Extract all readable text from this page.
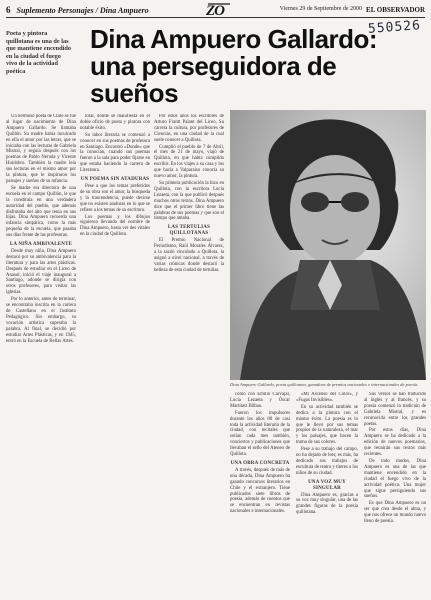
6 Suplemento Personajes / Dina Ampuero	ZO	Viernes 29 de Septiembre de 2000 EL OBSERVADOR
550526
Poeta y pintora quillotana es una de las que mantiene encendido en la ciudad el fuego vivo de la actividad poética
Dina Ampuero Gallardo: una perseguidora de sueños

Un hermoso poeta de Chile se fue al lugar de nacimiento de Dina Ampuero Gallardo. Se llamaba Quillón. Su madre había inculcado en ella el amor por las letras, que se iniciaba con las lecturas de Gabriela Mistral, y seguía después con los poemas de Pablo Neruda y Vicente Huidobro. También la madre leía sus lecturas en el mismo amor por la pintura, que le inspiraron los paisajes y sueños de su infancia.

Se madre era directora de una escuela en el campo Quillón, le que la constituía en una verdadera autoridad del pueblo, que además disfrutaba del alto que tenía en sus hijas. Dina Ampuero recuerda una infancia simpática, como la más pequeña de la escuela, que pasaba sus días frente de las profesoras.

LA NIÑA AMBIVALENTE

Desde muy niña, Dina Ampuero destacó por su ambivalencia para la literatura y para las artes plásticas. Después de estudiar en el Liceo de Anasol, inició el viaje inaugural a Santiago, adonde se dirigía con otros profesores, para visitar las iglesias.

Por lo anterior, antes de terminar, se encontraba inscrita en la carrera de Castellano en el Instituto Pedagógico. Sin embargo, su vocación artística superaba la palabra. Al final, se decidió por estudiar Artes Plásticas, y en 1945, entró en la Escuela de Bellas Artes.

total, donde se manifiesta en el doble oficio de poeta y pintora con notable éxito.

Su labor literaria se comenzó a conocer en sus poemas de profesora en Santiago. Encontró «Donde» que la conocían, cuando sus poemas fueron a la sala para poder fijarse en que estaba haciendo la carrera de Literatura.

UN POEMA SIN ATADURAS

Pese a que los temas preferidos de su obra son el amor, la búsqueda y la trascendencia, puede decirse que no existen ataduras en lo que se refiere a los temas de su escritura.

Los poemas y los dibujos siguieron llevando del nombre de Dina Ampuero, hasta ver des vitales en la ciudad de Quillota.

Por estos años los escritores de Arturo Frantt Palant del Liceo, Su carrera la cultura, por profesores de Ciencias, en una ciudad de la cual suele conocer a Quillota.

Cumplió el pueblo de 7 de Abril, el mes de 21 de mayo, viajó de Quillota, en que había cumplido escribir. En los viajes a su casa y los que hacía a Valparaíso conocía su nuevo amor, la pintura.

Su primera publicación la hizo en Quillota, con la escritora Lucía Lezaeta, con la que publicó después muchos otros textos. Dina Ampuero dice que el primer libro tiene las palabras de sus poemas y que son el tiempo que amaba.

LAS TERTULIAS QUILLOTANAS

El Premio Nacional de Periodismo, Raúl Morales Álvarez, a la sazón vinculado a Quillota, la asignó a nivel nacional, a través de varias crónicas donde destacó la belleza de esta ciudad de tertulias.

Dina Ampuero Gallardo, poeta quillotana, ganadora de premios nacionales e internacionales de poesía.

como con Emilio Carvajal, Lucía Lezaeta y Óscar Martínez Bilbao.

Fueron los impulsores durante los años 80 de casi toda la actividad literaria de la ciudad, con recitales que solían cada mes también, conciertos y publicaciones que llevaban el sello del Ateneo de Quillota.

UNA OBRA CONCRETA

A través, después de más de una década, Dina Ampuero ha ganado concursos literarios en Chile y el extranjero. Tiene publicados siete libros de poesía, además de cuentos que se encuentran en revistas nacionales e internacionales.

«Mi Ascenso del Color», y «Fugas Invisibles».

En su actividad también se dedica a la pintura con el mismo éxito. La poesía es lo que le llevó por sus temas propios de la naturaleza, el mar y los paisajes, que hacen la trama de sus colores.

Pese a su trabajo del campo, no ha dejado de leer, es más, ha dedicado sus trabajos de escultura de teatro y títeres a los niños de su ciudad.

UNA VOZ MUY SINGULAR

Dina Ampuero es, gracias a su voz muy singular, una de las grandes figuras de la poesía quillotana.

Sus versos se han traducido al inglés y al francés, y su poesía comenzó la tradición de Gabriela Mistral, y es reconocida entre los grandes poetas.

Por estos días, Dina Ampuero se ha dedicado a la edición de nuevos poemarios, que reunirán sus textos más recientes.

De todo modos, Dina Ampuero es una de las que mantiene encendido en la ciudad el fuego vivo de la actividad poética. Una mujer que sigue persiguiendo sus sueños.

Es que Dina Ampuero es un ser que crea desde el alma, y que nos ofrece un mundo nuevo lleno de poesía.
